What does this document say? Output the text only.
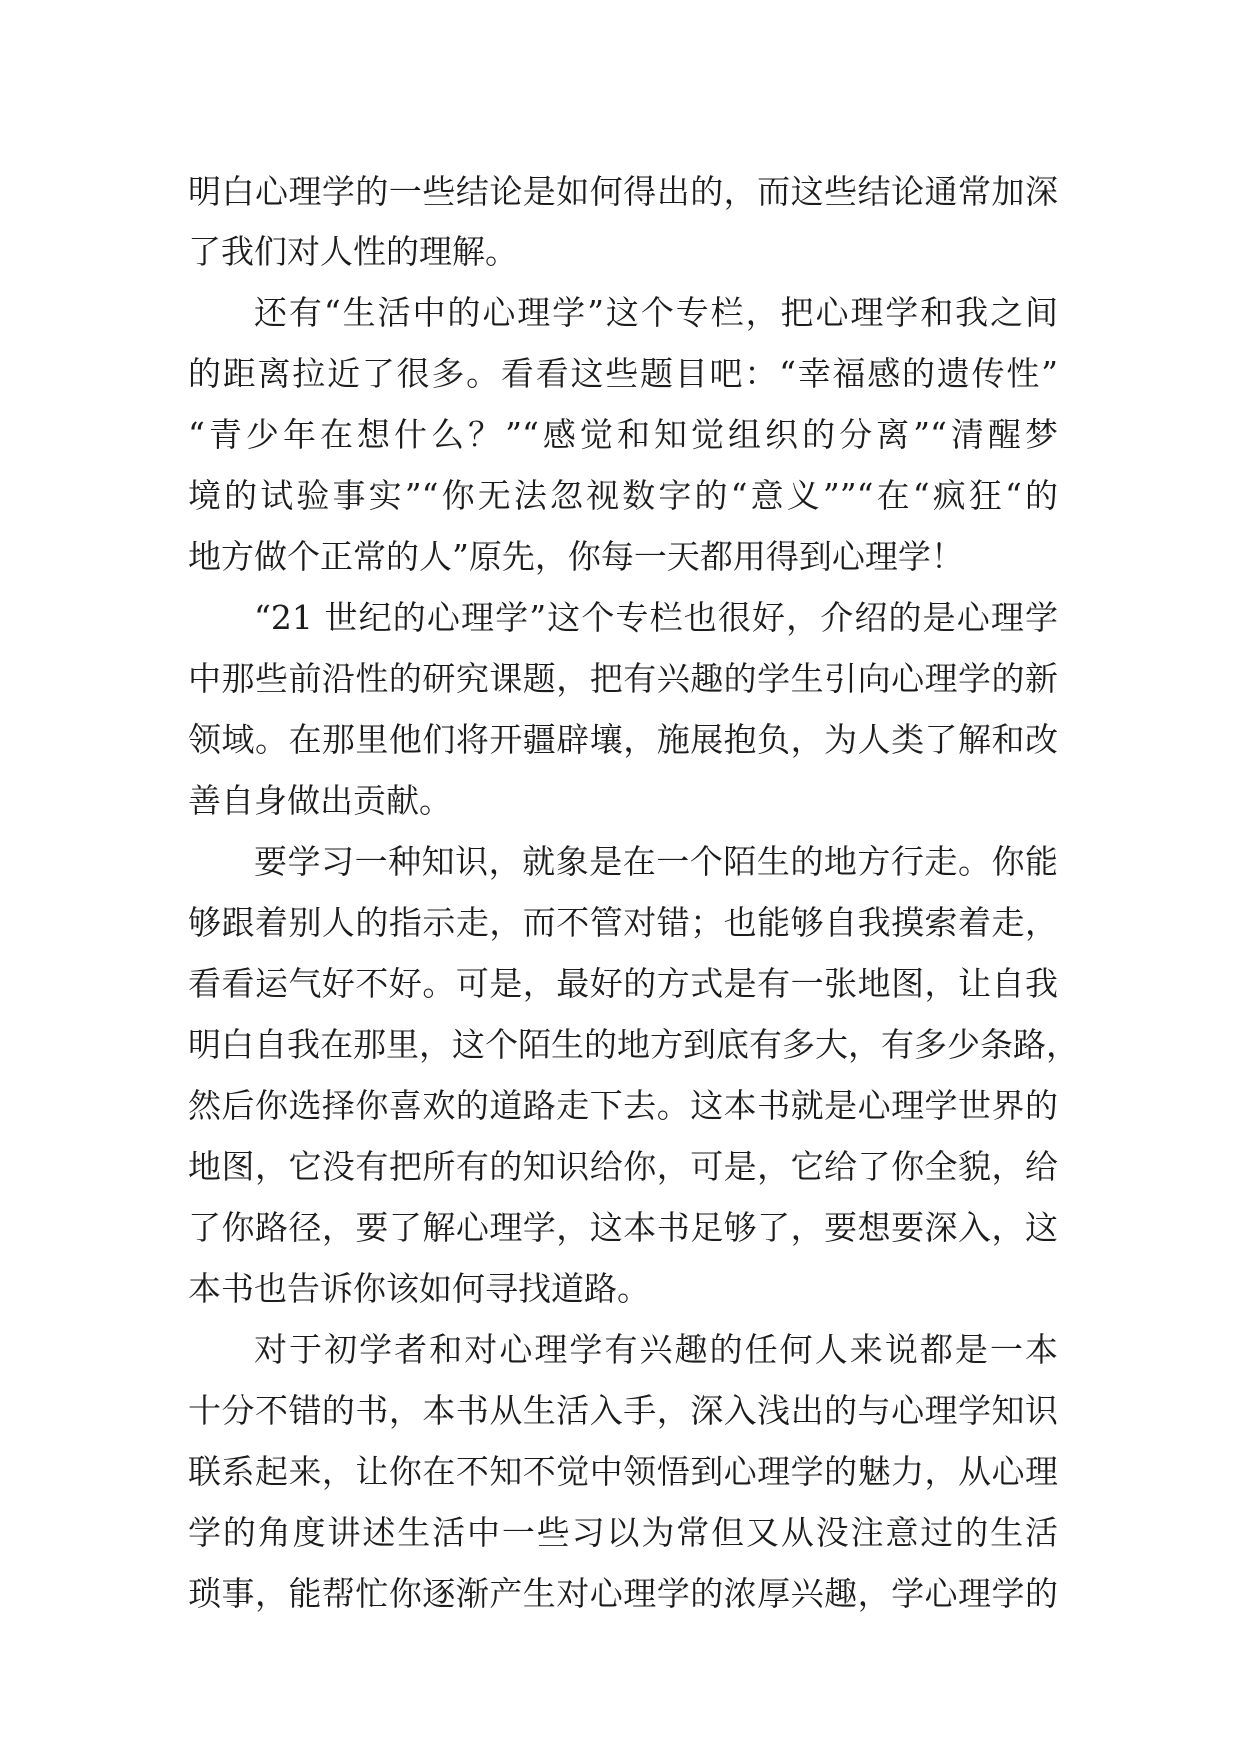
明白心理学的一些结论是如何得出的，而这些结论通常加深
了我们对人性的理解。
还有“生活中的心理学”这个专栏，把心理学和我之间
的距离拉近了很多。看看这些题目吧：“幸福感的遗传性”
“青少年在想什么？”“感觉和知觉组织的分离”“清醒梦
境的试验事实”“你无法忽视数字的“意义””“在“疯狂“的
地方做个正常的人”原先，你每一天都用得到心理学！
“21 世纪的心理学”这个专栏也很好，介绍的是心理学
中那些前沿性的研究课题，把有兴趣的学生引向心理学的新
领域。在那里他们将开疆辟壤，施展抱负，为人类了解和改
善自身做出贡献。
要学习一种知识，就象是在一个陌生的地方行走。你能
够跟着别人的指示走，而不管对错；也能够自我摸索着走，
看看运气好不好。可是，最好的方式是有一张地图，让自我
明白自我在那里，这个陌生的地方到底有多大，有多少条路，
然后你选择你喜欢的道路走下去。这本书就是心理学世界的
地图，它没有把所有的知识给你，可是，它给了你全貌，给
了你路径，要了解心理学，这本书足够了，要想要深入，这
本书也告诉你该如何寻找道路。
对于初学者和对心理学有兴趣的任何人来说都是一本
十分不错的书，本书从生活入手，深入浅出的与心理学知识
联系起来，让你在不知不觉中领悟到心理学的魅力，从心理
学的角度讲述生活中一些习以为常但又从没注意过的生活
琐事，能帮忙你逐渐产生对心理学的浓厚兴趣，学心理学的
